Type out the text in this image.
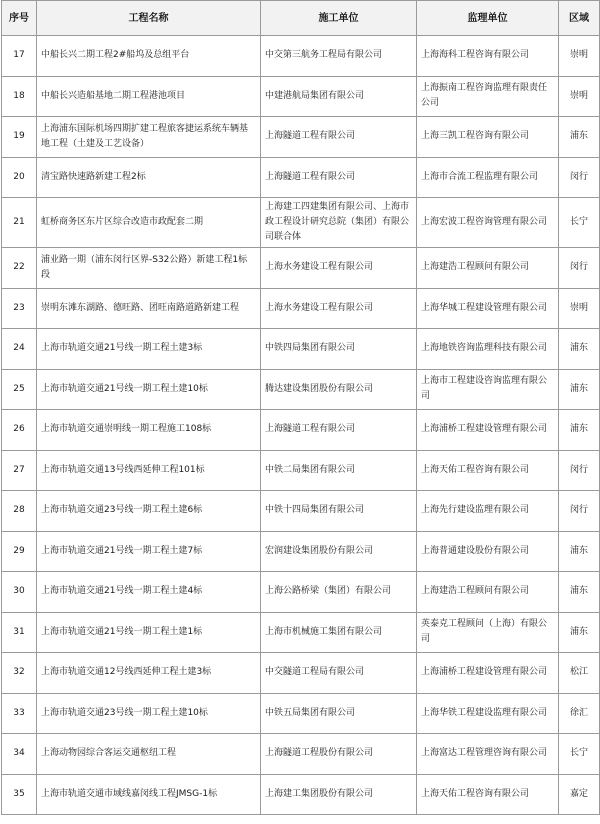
序号	工程名称	施工单位	监理单位	区域
17	中船长兴二期工程2#船坞及总组平台	中交第三航务工程局有限公司	上海海科工程咨询有限公司	崇明
18	中船长兴造船基地二期工程港池项目	中建港航局集团有限公司	上海振南工程咨询监理有限责任公司	崇明
19	上海浦东国际机场四期扩建工程旅客捷运系统车辆基地工程（土建及工艺设备）	上海隧道工程有限公司	上海三凯工程咨询有限公司	浦东
20	清宝路快速路新建工程2标	上海隧道工程有限公司	上海市合流工程监理有限公司	闵行
21	虹桥商务区东片区综合改造市政配套二期	上海建工四建集团有限公司、上海市政工程设计研究总院（集团）有限公司联合体	上海宏波工程咨询管理有限公司	长宁
22	浦业路一期（浦东闵行区界-S32公路）新建工程1标段	上海水务建设工程有限公司	上海建浩工程顾问有限公司	闵行
23	崇明东滩东湖路、德旺路、团旺南路道路新建工程	上海水务建设工程有限公司	上海华城工程建设管理有限公司	崇明
24	上海市轨道交通21号线一期工程土建3标	中铁四局集团有限公司	上海地铁咨询监理科技有限公司	浦东
25	上海市轨道交通21号线一期工程土建10标	腾达建设集团股份有限公司	上海市工程建设咨询监理有限公司	浦东
26	上海市轨道交通崇明线一期工程施工108标	上海隧道工程有限公司	上海浦桥工程建设管理有限公司	浦东
27	上海市轨道交通13号线西延伸工程101标	中铁二局集团有限公司	上海天佑工程咨询有限公司	闵行
28	上海市轨道交通23号线一期工程土建6标	中铁十四局集团有限公司	上海先行建设监理有限公司	闵行
29	上海市轨道交通21号线一期工程土建7标	宏润建设集团股份有限公司	上海普通建设股份有限公司	浦东
30	上海市轨道交通21号线一期工程土建4标	上海公路桥梁（集团）有限公司	上海建浩工程顾问有限公司	浦东
31	上海市轨道交通21号线一期工程土建1标	上海市机械施工集团有限公司	英泰克工程顾问（上海）有限公司	浦东
32	上海市轨道交通12号线西延伸工程土建3标	中交隧道工程局有限公司	上海浦桥工程建设管理有限公司	松江
33	上海市轨道交通23号线一期工程土建10标	中铁五局集团有限公司	上海华铁工程建设监理有限公司	徐汇
34	上海动物园综合客运交通枢纽工程	上海隧道工程股份有限公司	上海富达工程管理咨询有限公司	长宁
35	上海市轨道交通市域线嘉闵线工程JMSG-1标	上海建工集团股份有限公司	上海天佑工程咨询有限公司	嘉定
